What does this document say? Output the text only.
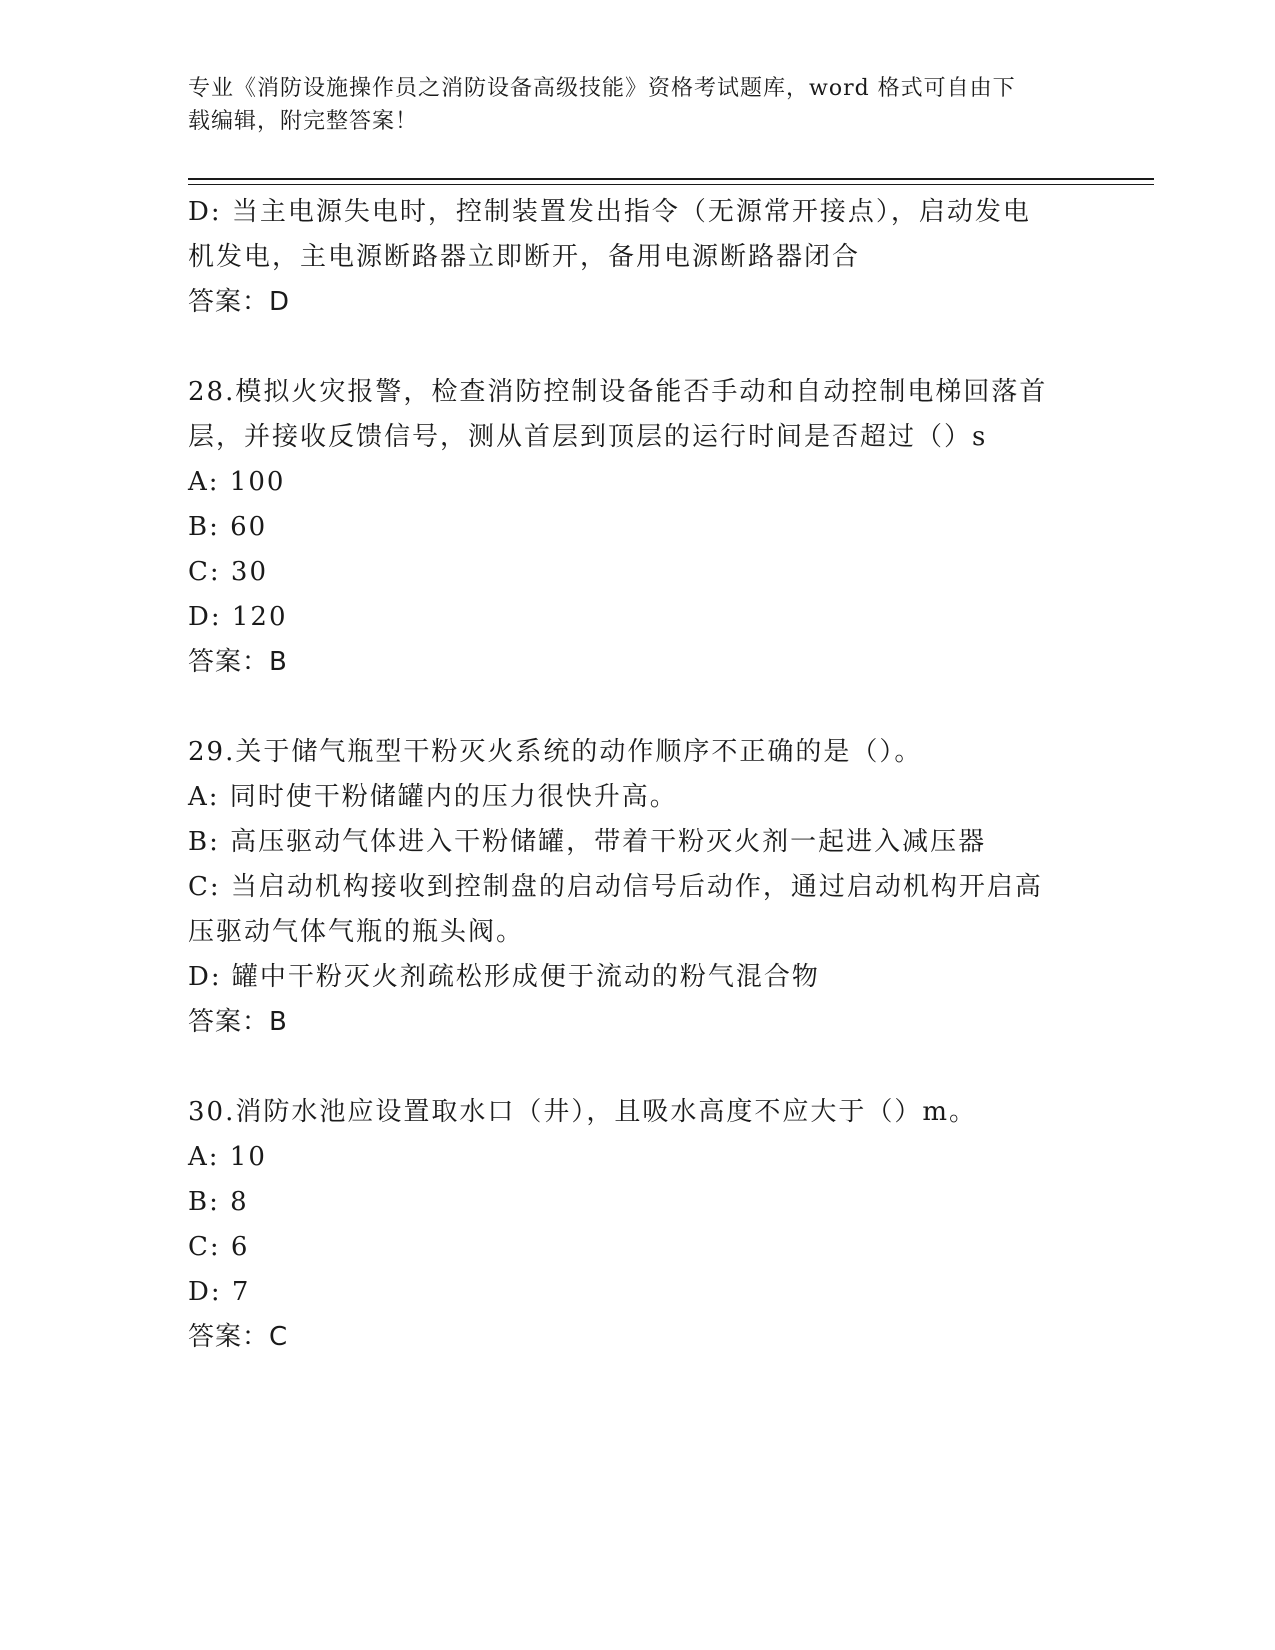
专业《消防设施操作员之消防设备高级技能》资格考试题库，word 格式可自由下
载编辑，附完整答案！
D: 当主电源失电时，控制装置发出指令（无源常开接点），启动发电
机发电，主电源断路器立即断开，备用电源断路器闭合
答案：D
28.模拟火灾报警，检查消防控制设备能否手动和自动控制电梯回落首
层，并接收反馈信号，测从首层到顶层的运行时间是否超过（）s
A: 100
B: 60
C: 30
D: 120
答案：B
29.关于储气瓶型干粉灭火系统的动作顺序不正确的是（）。
A: 同时使干粉储罐内的压力很快升高。
B: 高压驱动气体进入干粉储罐，带着干粉灭火剂一起进入减压器
C: 当启动机构接收到控制盘的启动信号后动作，通过启动机构开启高
压驱动气体气瓶的瓶头阀。
D: 罐中干粉灭火剂疏松形成便于流动的粉气混合物
答案：B
30.消防水池应设置取水口（井），且吸水高度不应大于（）m。
A: 10
B: 8
C: 6
D: 7
答案：C
